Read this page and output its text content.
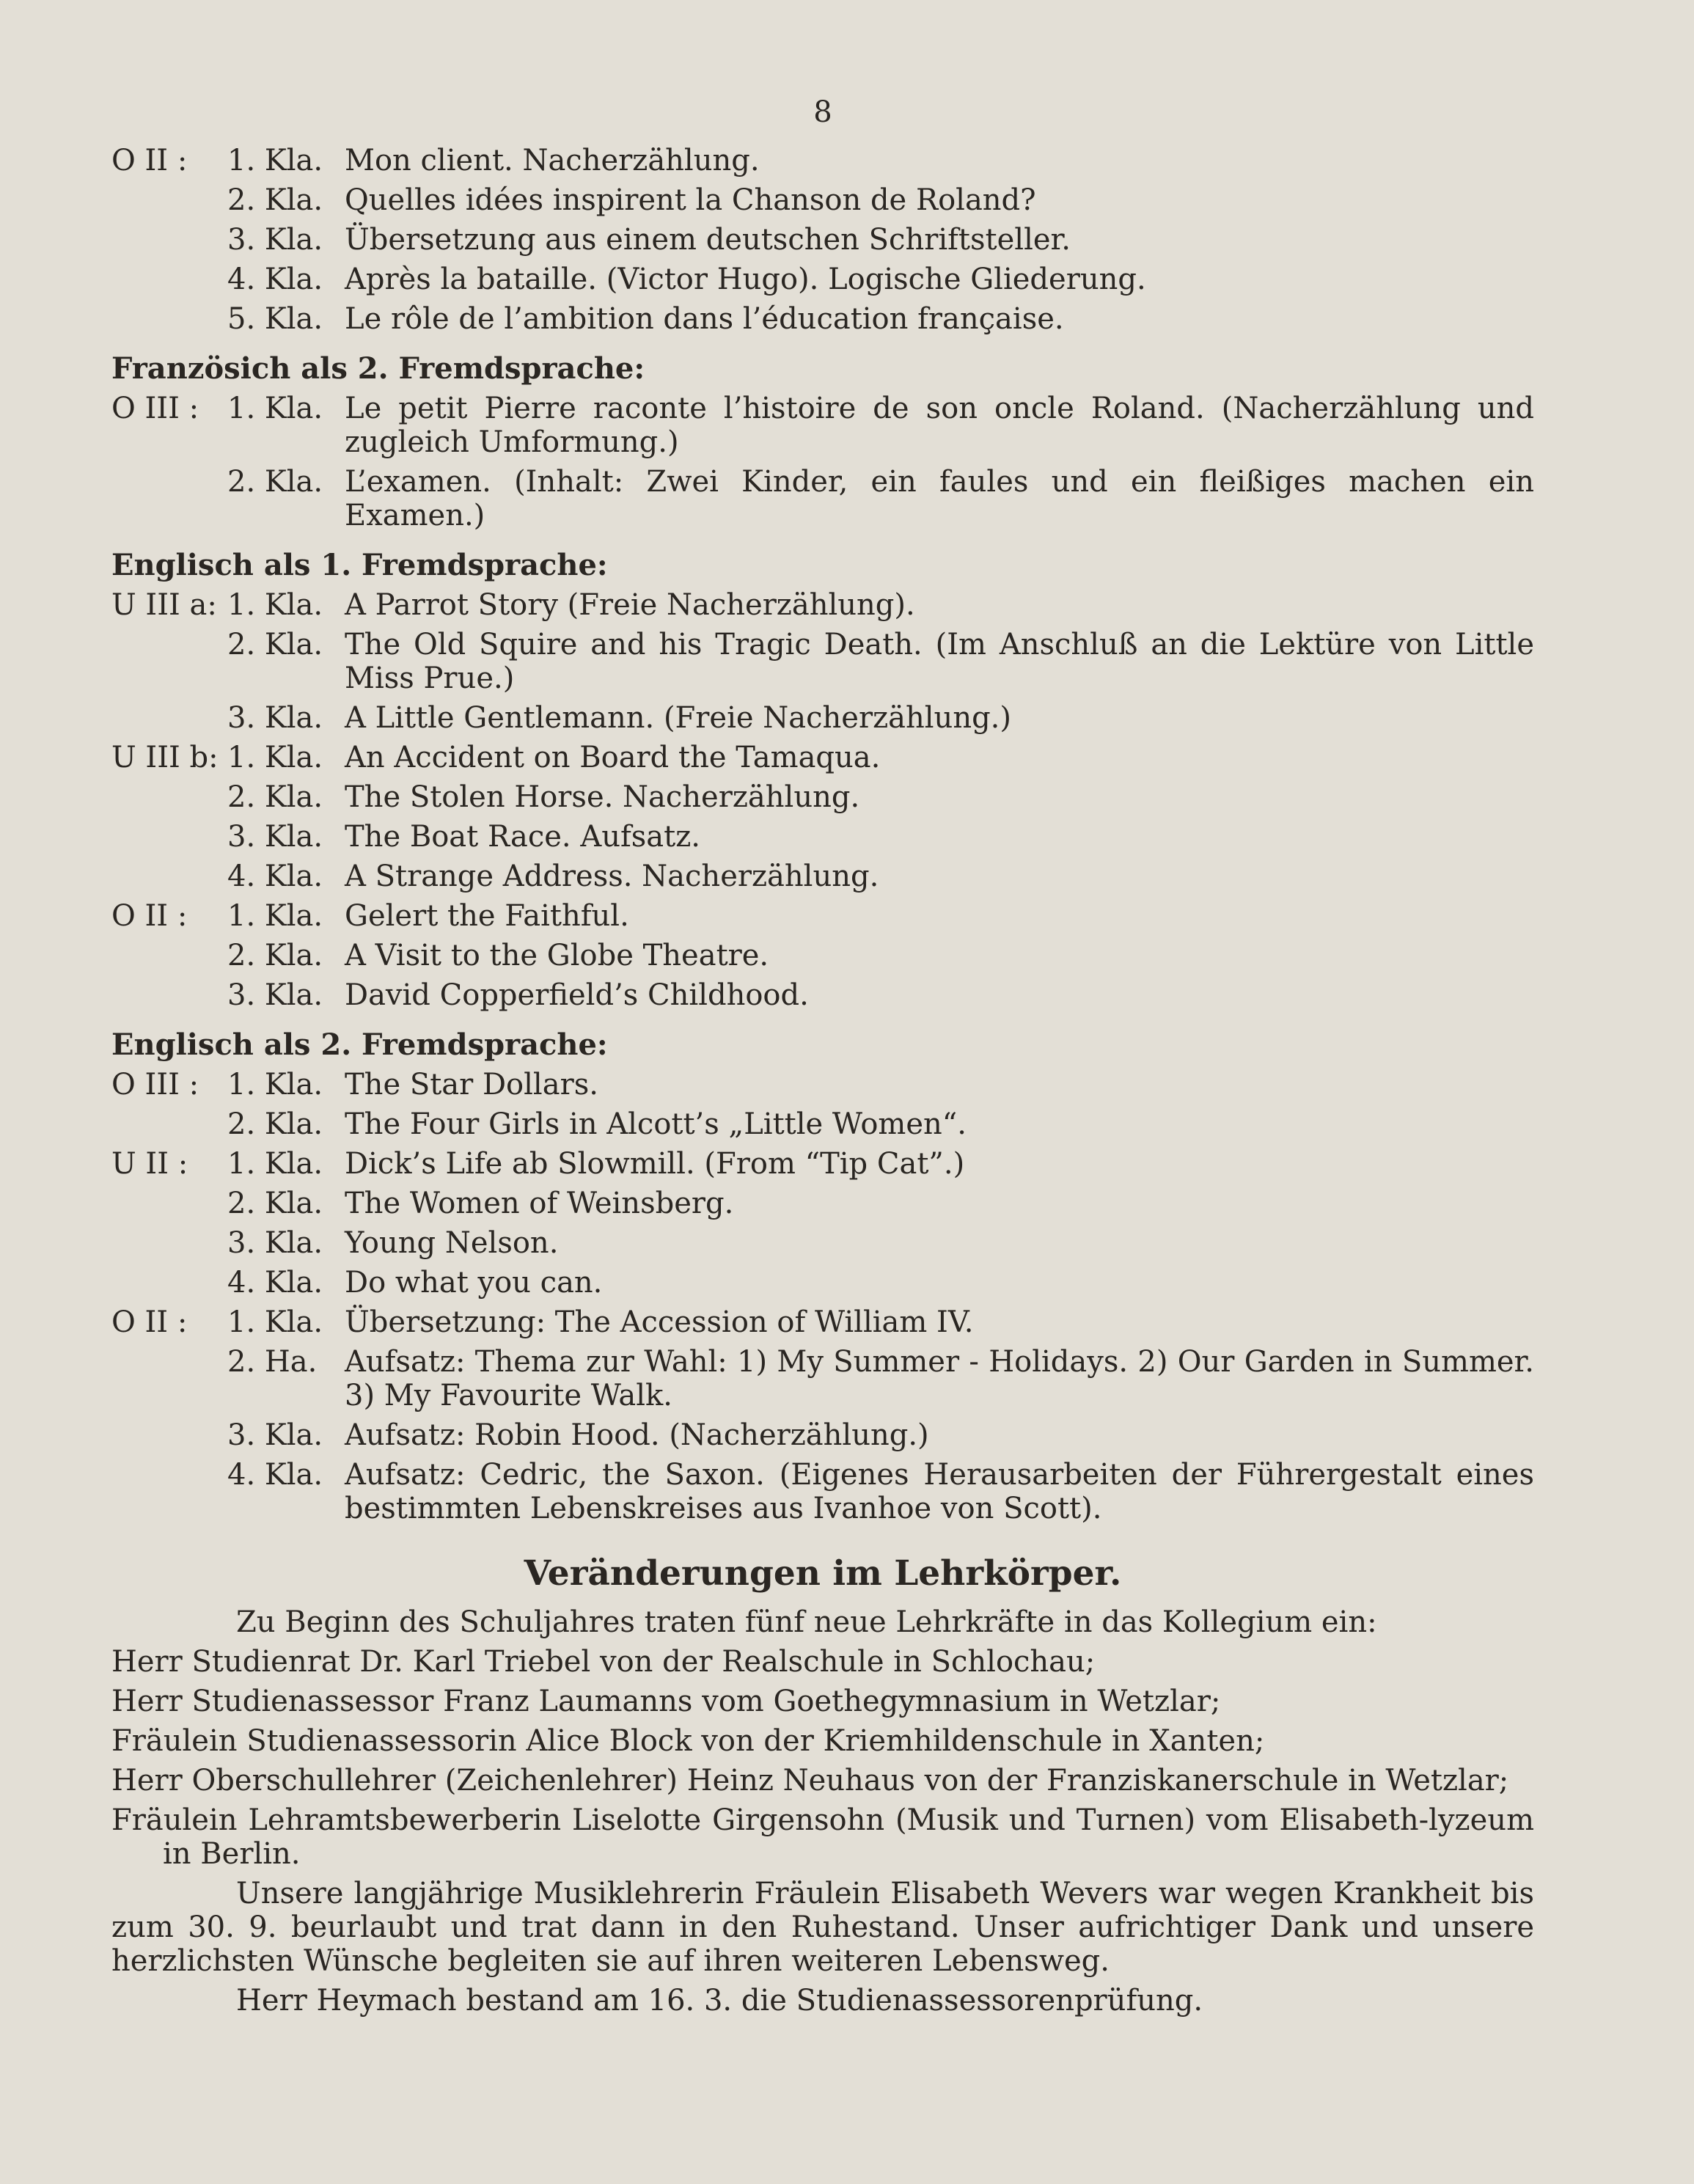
8
O II :	1. Kla. Mon client. Nacherzählung.
2. Kla. Quelles idées inspirent la Chanson de Roland?
3. Kla. Übersetzung aus einem deutschen Schriftsteller.
4. Kla. Après la bataille. (Victor Hugo). Logische Gliederung.
5. Kla. Le rôle de l’ambition dans l’éducation française.
Französich als 2. Fremdsprache:
O III : 1. Kla. Le petit Pierre raconte l’histoire de son oncle Roland. (Nacherzählung und zugleich Umformung.)
2. Kla. L’examen. (Inhalt: Zwei Kinder, ein faules und ein fleißiges machen ein Examen.)
Englisch als 1. Fremdsprache:
U III a: 1. Kla. A Parrot Story (Freie Nacherzählung).
2. Kla. The Old Squire and his Tragic Death. (Im Anschluß an die Lektüre von Little Miss Prue.)
3. Kla. A Little Gentlemann. (Freie Nacherzählung.)
U III b: 1. Kla. An Accident on Board the Tamaqua.
2. Kla. The Stolen Horse. Nacherzählung.
3. Kla. The Boat Race. Aufsatz.
4. Kla. A Strange Address. Nacherzählung.
O II :	1. Kla. Gelert the Faithful.
2. Kla. A Visit to the Globe Theatre.
3. Kla. David Copperfield’s Childhood.
Englisch als 2. Fremdsprache:
O III : 1. Kla. The Star Dollars.
2. Kla. The Four Girls in Alcott’s „Little Women“.
U II :	1. Kla. Dick’s Life ab Slowmill. (From “Tip Cat”.)
2. Kla. The Women of Weinsberg.
3. Kla. Young Nelson.
4. Kla. Do what you can.
O II :	1. Kla. Übersetzung: The Accession of William IV.
2. Ha. Aufsatz: Thema zur Wahl: 1) My Summer - Holidays. 2) Our Garden in Summer. 3) My Favourite Walk.
3. Kla. Aufsatz: Robin Hood. (Nacherzählung.)
4. Kla. Aufsatz: Cedric, the Saxon. (Eigenes Herausarbeiten der Führergestalt eines bestimmten Lebenskreises aus Ivanhoe von Scott).
Veränderungen im Lehrkörper.

Zu Beginn des Schuljahres traten fünf neue Lehrkräfte in das Kollegium ein:

Herr Studienrat Dr. Karl Triebel von der Realschule in Schlochau;

Herr Studienassessor Franz Laumanns vom Goethegymnasium in Wetzlar;

Fräulein Studienassessorin Alice Block von der Kriemhildenschule in Xanten;

Herr Oberschullehrer (Zeichenlehrer) Heinz Neuhaus von der Franziskanerschule in Wetzlar;

Fräulein Lehramtsbewerberin Liselotte Girgensohn (Musik und Turnen) vom Elisabeth-lyzeum in Berlin.

Unsere langjährige Musiklehrerin Fräulein Elisabeth Wevers war wegen Krankheit bis zum 30. 9. beurlaubt und trat dann in den Ruhestand. Unser aufrichtiger Dank und unsere herzlichsten Wünsche begleiten sie auf ihren weiteren Lebensweg.

Herr Heymach bestand am 16. 3. die Studienassessorenprüfung.
